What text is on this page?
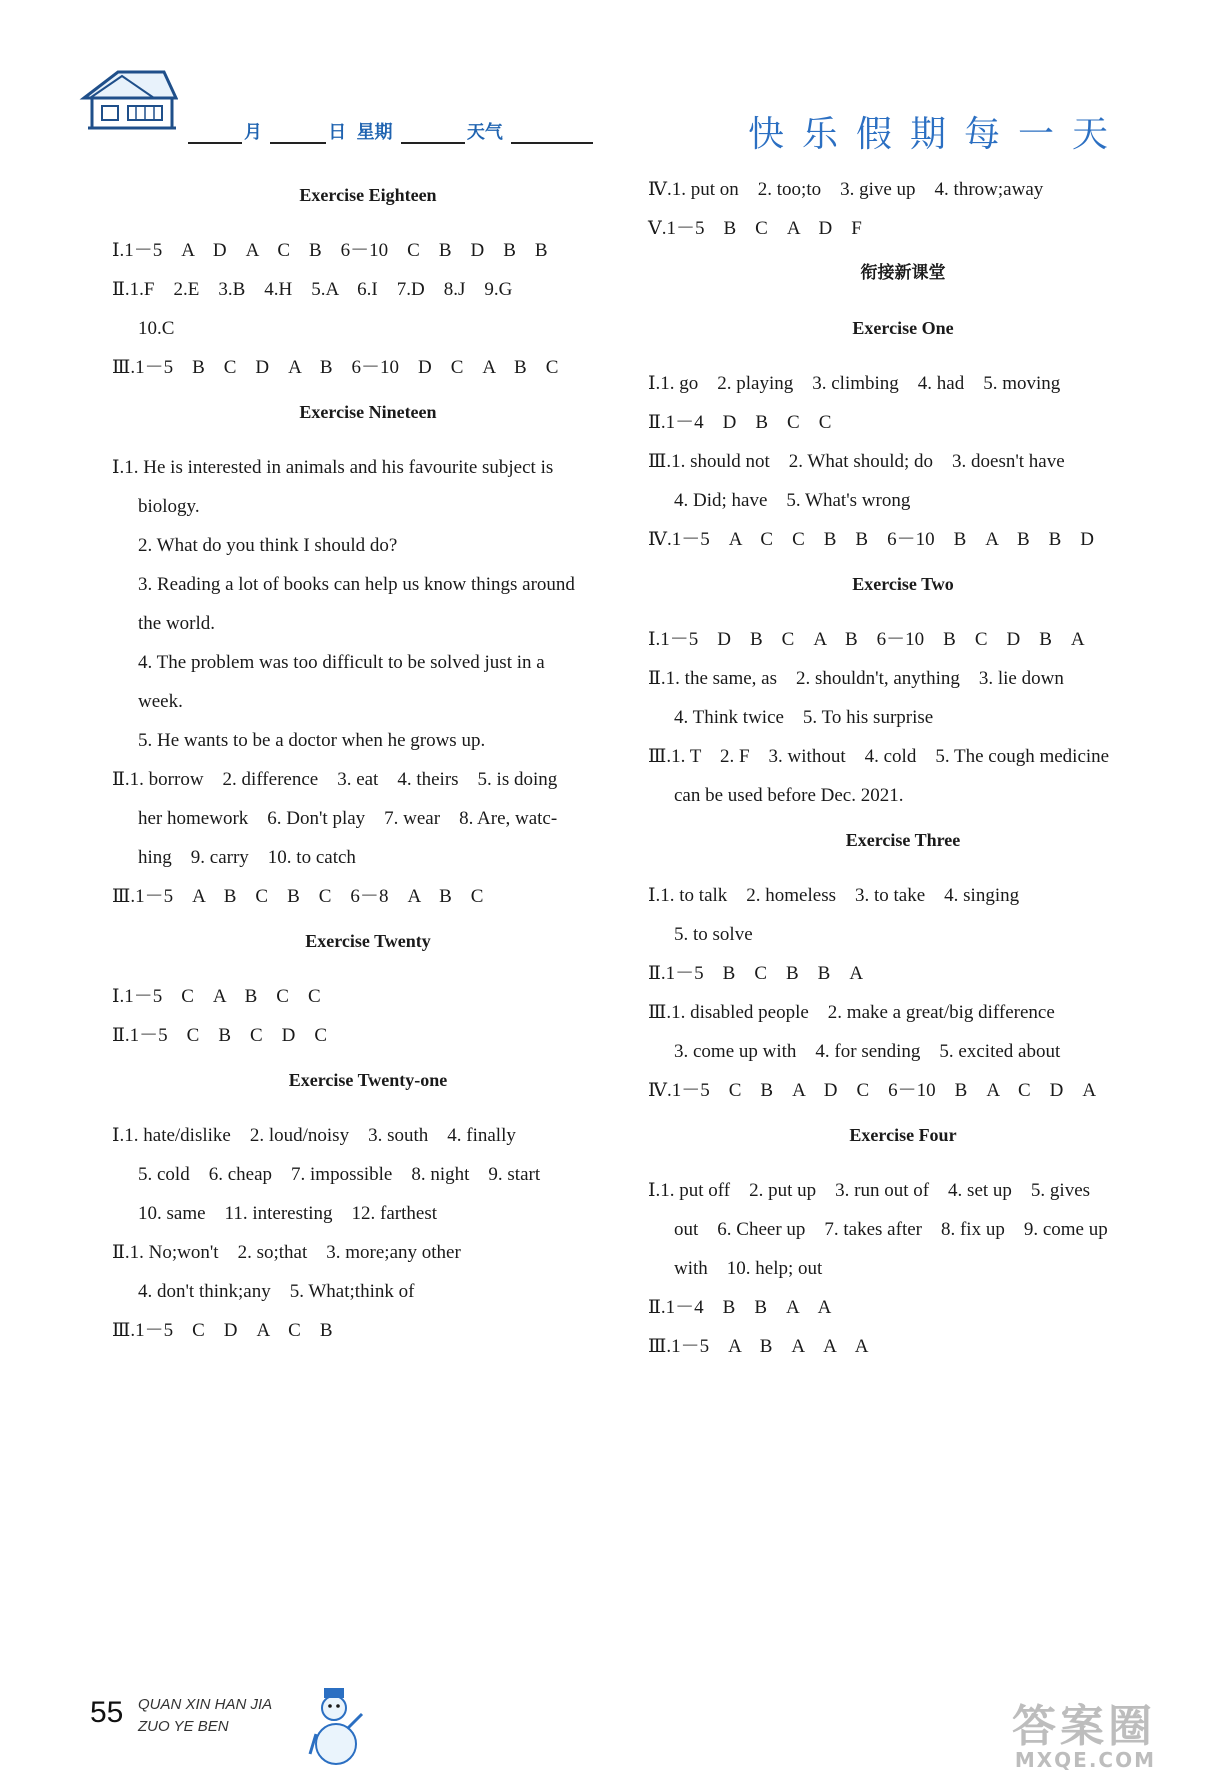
月	日 星期	天气	快乐假期每一天
Exercise Eighteen
Ⅰ.1－5　A　D　A　C　B　6－10　C　B　D　B　B
Ⅱ.1.F　2.E　3.B　4.H　5.A　6.I　7.D　8.J　9.G
10.C
Ⅲ.1－5　B　C　D　A　B　6－10　D　C　A　B　C
Exercise Nineteen
Ⅰ.1. He is interested in animals and his favourite subject is
biology.
2. What do you think I should do?
3. Reading a lot of books can help us know things around
the world.
4. The problem was too difficult to be solved just in a
week.
5. He wants to be a doctor when he grows up.
Ⅱ.1. borrow　2. difference　3. eat　4. theirs　5. is doing
her homework　6. Don't play　7. wear　8. Are, watc-
hing　9. carry　10. to catch
Ⅲ.1－5　A　B　C　B　C　6－8　A　B　C
Exercise Twenty
Ⅰ.1－5　C　A　B　C　C
Ⅱ.1－5　C　B　C　D　C
Exercise Twenty-one
Ⅰ.1. hate/dislike　2. loud/noisy　3. south　4. finally
5. cold　6. cheap　7. impossible　8. night　9. start
10. same　11. interesting　12. farthest
Ⅱ.1. No;won't　2. so;that　3. more;any other
4. don't think;any　5. What;think of
Ⅲ.1－5　C　D　A　C　B
Ⅳ.1. put on　2. too;to　3. give up　4. throw;away
Ⅴ.1－5　B　C　A　D　F
衔接新课堂
Exercise One
Ⅰ.1. go　2. playing　3. climbing　4. had　5. moving
Ⅱ.1－4　D　B　C　C
Ⅲ.1. should not　2. What should; do　3. doesn't have
4. Did; have　5. What's wrong
Ⅳ.1－5　A　C　C　B　B　6－10　B　A　B　B　D
Exercise Two
Ⅰ.1－5　D　B　C　A　B　6－10　B　C　D　B　A
Ⅱ.1. the same, as　2. shouldn't, anything　3. lie down
4. Think twice　5. To his surprise
Ⅲ.1. T　2. F　3. without　4. cold　5. The cough medicine
can be used before Dec. 2021.
Exercise Three
Ⅰ.1. to talk　2. homeless　3. to take　4. singing
5. to solve
Ⅱ.1－5　B　C　B　B　A
Ⅲ.1. disabled people　2. make a great/big difference
3. come up with　4. for sending　5. excited about
Ⅳ.1－5　C　B　A　D　C　6－10　B　A　C　D　A
Exercise Four
Ⅰ.1. put off　2. put up　3. run out of　4. set up　5. gives
out　6. Cheer up　7. takes after　8. fix up　9. come up
with　10. help; out
Ⅱ.1－4　B　B　A　A
Ⅲ.1－5　A　B　A　A　A
55 QUAN XIN HAN JIA
ZUO YE BEN	答案圈
MXQE.COM
